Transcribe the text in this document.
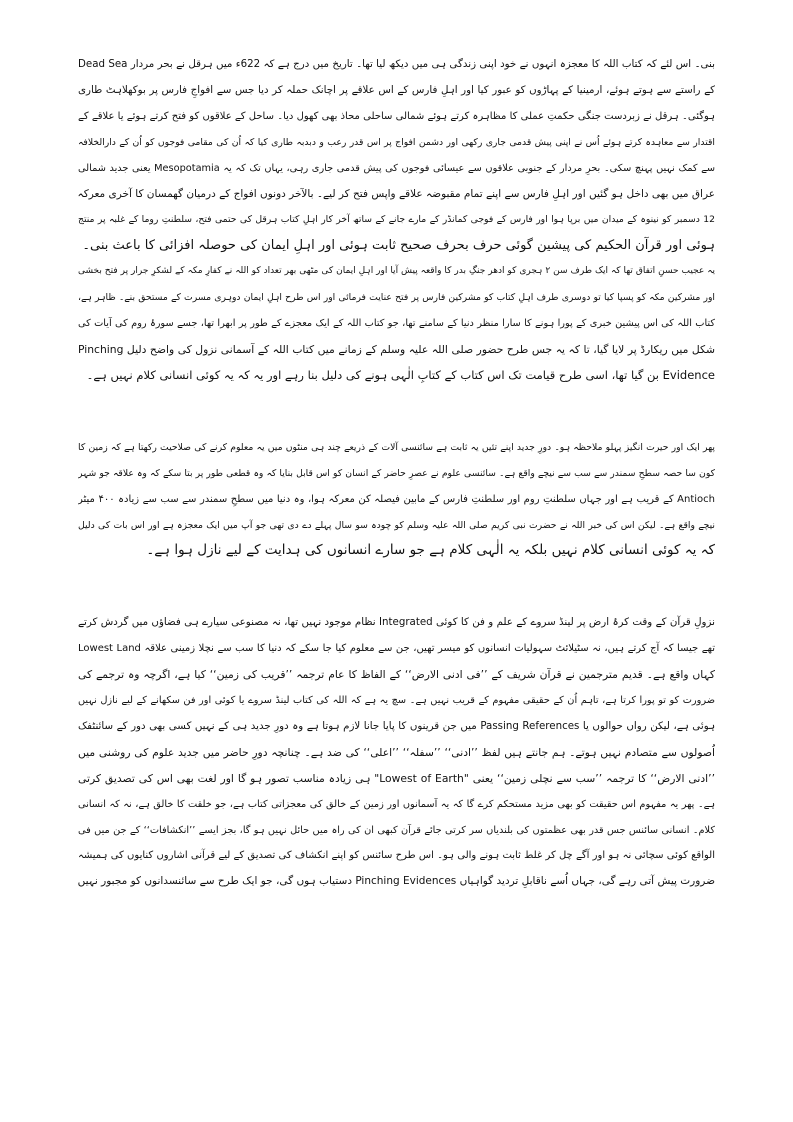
بنی۔ اس لئے کہ کتاب اللہ کا معجزہ انہوں نے خود اپنی زندگی ہی میں دیکھ لیا تھا۔ تاریخ میں درج ہے کہ 622ء میں ہرقل نے بحر مردار Dead Sea
کے راستے سے ہوتے ہوئے، ارمینیا کے پہاڑوں کو عبور کیا اور اہلِ فارس کے اس علاقے پر اچانک حملہ کر دیا جس سے افواجِ فارس پر بوکھلاہٹ طاری
ہوگئی۔ ہرقل نے زبردست جنگی حکمتِ عملی کا مظاہرہ کرتے ہوئے شمالی ساحلی محاذ بھی کھول دیا۔ ساحل کے علاقوں کو فتح کرتے ہوئے یا علاقے کے
اقتدار سے معاہدہ کرتے ہوئے اُس نے اپنی پیش قدمی جاری رکھی اور دشمن افواج پر اس قدر رعب و دبدبہ طاری کیا کہ اُن کی مقامی فوجوں کو اُن کے دارالخلافہ
سے کمک نہیں پہنچ سکی۔ بحرِ مردار کے جنوبی علاقوں سے عیسائی فوجوں کی پیش قدمی جاری رہی، یہاں تک کہ یہ Mesopotamia یعنی جدید شمالی
عراق میں بھی داخل ہو گئیں اور اہلِ فارس سے اپنے تمام مقبوضہ علاقے واپس فتح کر لیے۔ بالآخر دونوں افواج کے درمیان گھمسان کا آخری معرکہ
12 دسمبر کو نینوہ کے میدان میں برپا ہوا اور فارس کے فوجی کمانڈر کے مارے جانے کے ساتھ آخر کار اہلِ کتاب ہرقل کی حتمی فتح، سلطنتِ روما کے غلبہ پر منتج
ہوئی اور قرآن الحکیم کی پیشین گوئی حرف بحرف صحیح ثابت ہوئی اور اہلِ ایمان کی حوصلہ افزائی کا باعث بنی۔

یہ عجیب حسنِ اتفاق تھا کہ ایک طرف سن ۲ ہجری کو ادھر جنگِ بدر کا واقعہ پیش آیا اور اہلِ ایمان کی مٹھی بھر تعداد کو اللہ نے کفارِ مکہ کے لشکرِ جرار پر فتح بخشی
اور مشرکین مکہ کو پسپا کیا تو دوسری طرف اہلِ کتاب کو مشرکین فارس پر فتح عنایت فرمائی اور اس طرح اہلِ ایمان دوہری مسرت کے مستحق بنے۔ ظاہر ہے،
کتاب اللہ کی اس پیشین خبری کے پورا ہونے کا سارا منظر دنیا کے سامنے تھا، جو کتاب اللہ کے ایک معجزے کے طور پر ابھرا تھا، جسے سورۂ روم کی آیات کی
شکل میں ریکارڈ پر لایا گیا، تا کہ یہ جس طرح حضور صلی اللہ علیہ وسلم کے زمانے میں کتاب اللہ کے آسمانی نزول کی واضح دلیل Pinching
Evidence بن گیا تھا، اسی طرح قیامت تک اس کتاب کے کتابِ الٰہی ہونے کی دلیل بنا رہے اور یہ کہ یہ کوئی انسانی کلام نہیں ہے۔

پھر ایک اور حیرت انگیز پہلو ملاحظہ ہو۔ دورِ جدید اپنے تئیں یہ ثابت ہے سائنسی آلات کے ذریعے چند ہی منٹوں میں یہ معلوم کرنے کی صلاحیت رکھتا ہے کہ زمین کا
کون سا حصہ سطحِ سمندر سے سب سے نیچے واقع ہے۔ سائنسی علوم نے عصرِ حاضر کے انسان کو اس قابل بنایا کہ وہ قطعی طور پر بتا سکے کہ وہ علاقہ جو شہر
Antioch کے قریب ہے اور جہاں سلطنتِ روم اور سلطنتِ فارس کے مابین فیصلہ کن معرکہ ہوا، وہ دنیا میں سطحِ سمندر سے سب سے زیادہ ۴۰۰ میٹر
نیچے واقع ہے۔ لیکن اس کی خبر اللہ نے حضرت نبی کریم صلی اللہ علیہ وسلم کو چودہ سو سال پہلے دے دی تھی جو آپ میں ایک معجزہ ہے اور اس بات کی دلیل
کہ یہ کوئی انسانی کلام نہیں بلکہ یہ الٰہی کلام ہے جو سارے انسانوں کی ہدایت کے لیے نازل ہوا ہے۔

نزولِ قرآن کے وقت کرۂ ارض پر لینڈ سروے کے علم و فن کا کوئی Integrated نظام موجود نہیں تھا، نہ مصنوعی سیارے ہی فضاؤں میں گردش کرتے
تھے جیسا کہ آج کرتے ہیں، نہ سٹیلائٹ سہولیات انسانوں کو میسر تھیں، جن سے معلوم کیا جا سکے کہ دنیا کا سب سے نچلا زمینی علاقہ Lowest Land
کہاں واقع ہے۔ قدیم مترجمین نے قرآن شریف کے ’’فی ادنی الارض‘‘ کے الفاظ کا عام ترجمہ ’’قریب کی زمین‘‘ کیا ہے، اگرچہ وہ ترجمے کی
ضرورت کو تو پورا کرتا ہے، تاہم اُن کے حقیقی مفہوم کے قریب نہیں ہے۔ سچ یہ ہے کہ اللہ کی کتاب لینڈ سروے یا کوئی اور فن سکھانے کے لیے نازل نہیں
ہوئی ہے، لیکن رواں حوالوں یا Passing References میں جن قرینوں کا پایا جانا لازم ہوتا ہے وہ دورِ جدید ہی کے نہیں کسی بھی دور کے سائنٹفک
اُصولوں سے متصادم نہیں ہوتے۔ ہم جانتے ہیں لفظ ’’ادنی‘‘ ’’سفلہ‘‘ ’’اعلی‘‘ کی ضد ہے۔ چنانچہ دورِ حاضر میں جدید علوم کی روشنی میں
’’ادنی الارض‘‘ کا ترجمہ ’’سب سے نچلی زمین‘‘ یعنی "Lowest of Earth" ہی زیادہ مناسب تصور ہو گا اور لغت بھی اس کی تصدیق کرتی
ہے۔ پھر یہ مفہوم اس حقیقت کو بھی مزید مستحکم کرے گا کہ یہ آسمانوں اور زمین کے خالق کی معجزاتی کتاب ہے، جو خلقت کا خالق ہے، نہ کہ انسانی
کلام۔ انسانی سائنس جس قدر بھی عظمتوں کی بلندیاں سر کرتی جائے قرآن کبھی ان کی راہ میں حائل نہیں ہو گا، بجز ایسے ’’انکشافات‘‘ کے جن میں فی
الواقع کوئی سچائی نہ ہو اور آگے چل کر غلط ثابت ہونے والی ہو۔ اس طرح سائنس کو اپنے انکشاف کی تصدیق کے لیے قرآنی اشاروں کنایوں کی ہمیشہ
ضرورت پیش آتی رہے گی، جہاں اُسے ناقابلِ تردید گواہیاں Pinching Evidences دستیاب ہوں گی، جو ایک طرح سے سائنسدانوں کو مجبور نہیں
